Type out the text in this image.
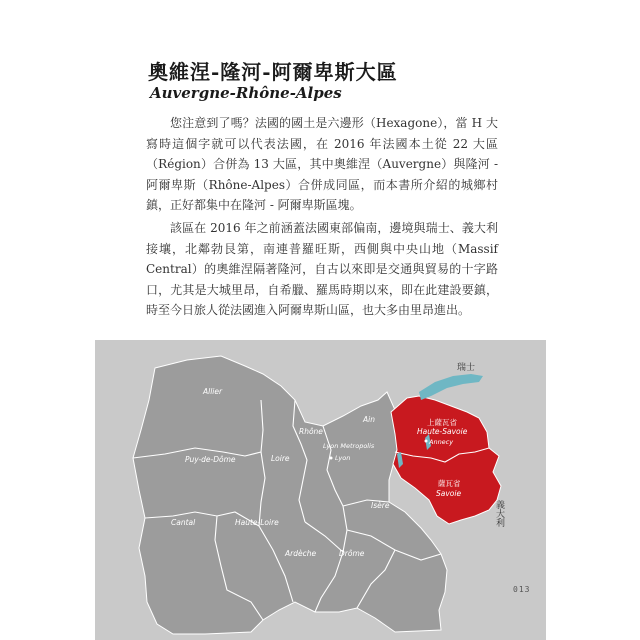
奧維涅-隆河-阿爾卑斯大區
Auvergne-Rhône-Alpes

您注意到了嗎？法國的國土是六邊形（Hexagone），當 H 大寫時這個字就可以代表法國，在 2016 年法國本土從 22 大區（Région）合併為 13 大區，其中奧維涅（Auvergne）與隆河 - 阿爾卑斯（Rhône-Alpes）合併成同區，而本書所介紹的城鄉村鎮，正好都集中在隆河 - 阿爾卑斯區塊。

該區在 2016 年之前涵蓋法國東部偏南，邊境與瑞士、義大利接壤，北鄰勃艮第，南連普羅旺斯，西側與中央山地（Massif Central）的奧維涅隔著隆河，自古以來即是交通與貿易的十字路口，尤其是大城里昂，自希臘、羅馬時期以來，即在此建設要鎮，時至今日旅人從法國進入阿爾卑斯山區，也大多由里昂進出。

Allier
Puy-de-Dôme
Cantal	Haute-Loire
Loire
Rhône
Lyon Metropolis
Lyon
Ain
Isère
Ardèche	Drôme
上薩瓦省
Haute-Savoie
Annecy
薩瓦省
Savoie
瑞士
義大利
013
